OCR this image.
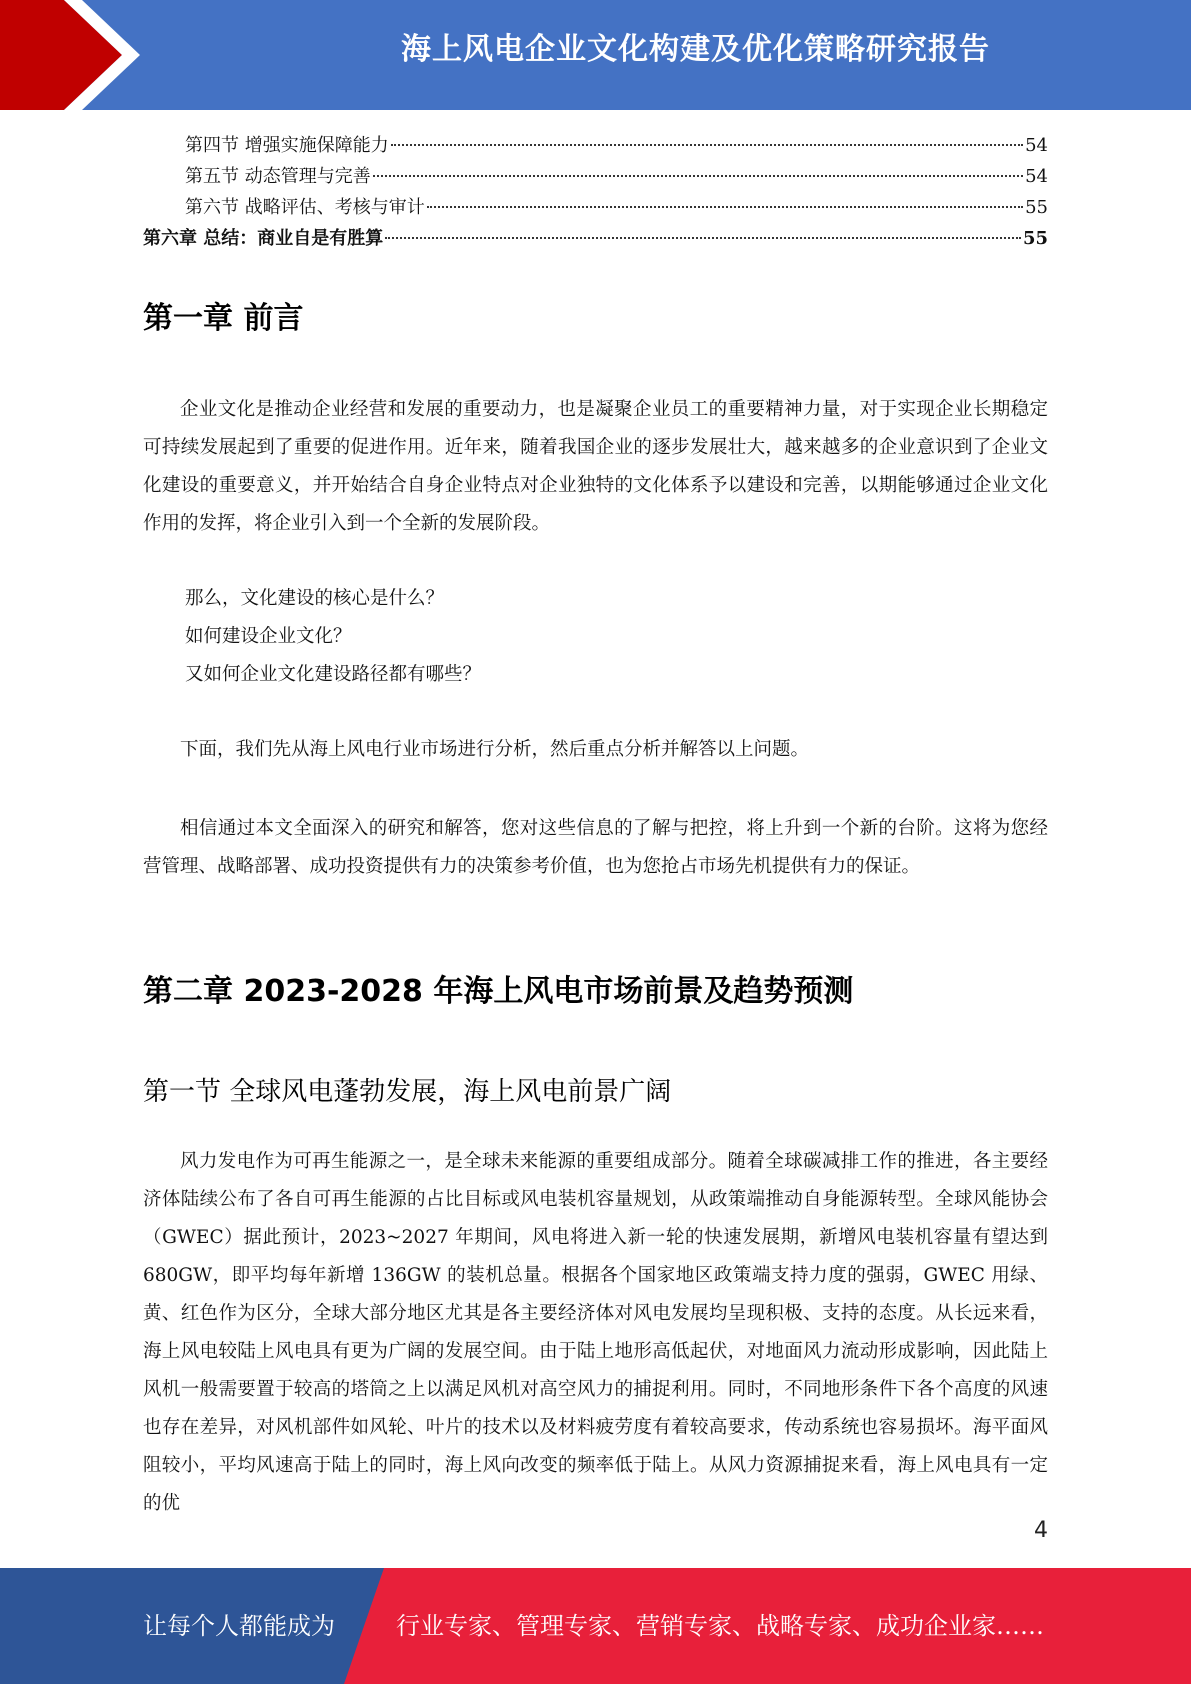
海上风电企业文化构建及优化策略研究报告
第四节 增强实施保障能力	54
第五节 动态管理与完善	54
第六节 战略评估、考核与审计	55
第六章 总结：商业自是有胜算	55
第一章 前言

企业文化是推动企业经营和发展的重要动力，也是凝聚企业员工的重要精神力量，对于实现企业长期稳定可持续发展起到了重要的促进作用。近年来，随着我国企业的逐步发展壮大，越来越多的企业意识到了企业文化建设的重要意义，并开始结合自身企业特点对企业独特的文化体系予以建设和完善，以期能够通过企业文化作用的发挥，将企业引入到一个全新的发展阶段。

那么，文化建设的核心是什么？
如何建设企业文化？
又如何企业文化建设路径都有哪些？

下面，我们先从海上风电行业市场进行分析，然后重点分析并解答以上问题。

相信通过本文全面深入的研究和解答，您对这些信息的了解与把控，将上升到一个新的台阶。这将为您经营管理、战略部署、成功投资提供有力的决策参考价值，也为您抢占市场先机提供有力的保证。

第二章 2023-2028 年海上风电市场前景及趋势预测
第一节 全球风电蓬勃发展，海上风电前景广阔

风力发电作为可再生能源之一，是全球未来能源的重要组成部分。随着全球碳减排工作的推进，各主要经济体陆续公布了各自可再生能源的占比目标或风电装机容量规划，从政策端推动自身能源转型。全球风能协会（GWEC）据此预计，2023~2027 年期间，风电将进入新一轮的快速发展期，新增风电装机容量有望达到 680GW，即平均每年新增 136GW 的装机总量。根据各个国家地区政策端支持力度的强弱，GWEC 用绿、黄、红色作为区分，全球大部分地区尤其是各主要经济体对风电发展均呈现积极、支持的态度。从长远来看，海上风电较陆上风电具有更为广阔的发展空间。由于陆上地形高低起伏，对地面风力流动形成影响，因此陆上风机一般需要置于较高的塔筒之上以满足风机对高空风力的捕捉利用。同时，不同地形条件下各个高度的风速也存在差异，对风机部件如风轮、叶片的技术以及材料疲劳度有着较高要求，传动系统也容易损坏。海平面风阻较小，平均风速高于陆上的同时，海上风向改变的频率低于陆上。从风力资源捕捉来看，海上风电具有一定的优

4
让每个人都能成为	行业专家、管理专家、营销专家、战略专家、成功企业家……
